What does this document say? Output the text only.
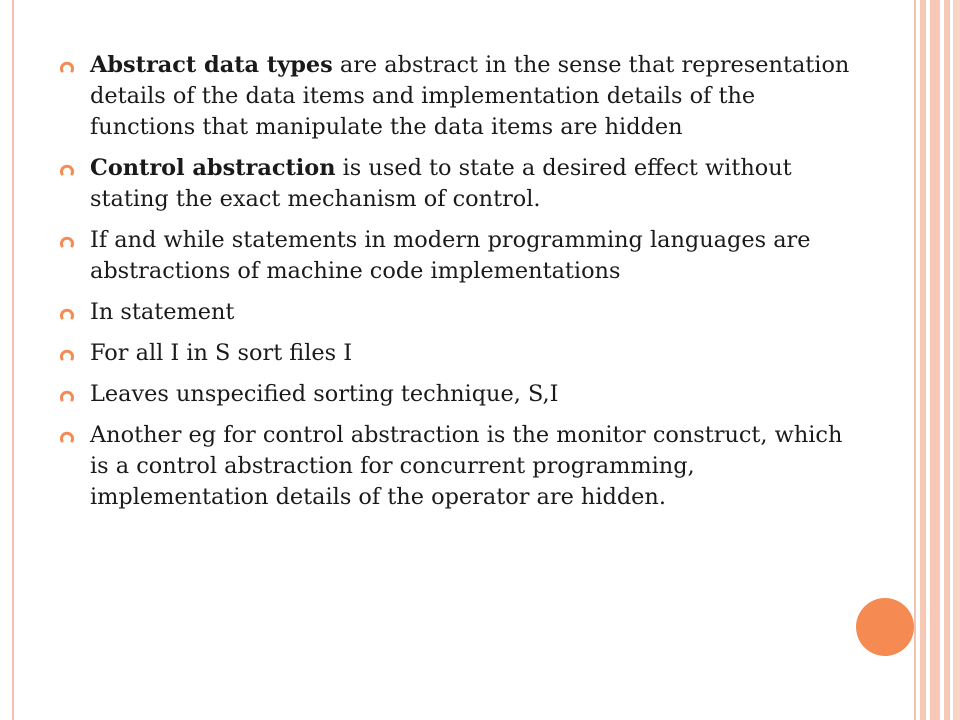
Abstract data types are abstract in the sense that representation details of the data items and implementation details of the functions that manipulate the data items are hidden
Control abstraction is used to state a desired effect without stating the exact mechanism of control.
If and while statements in modern programming languages are abstractions of machine code implementations
In statement
For all I in S sort files I
Leaves unspecified sorting technique, S,I
Another eg for control abstraction is the monitor construct, which is a control abstraction for concurrent programming, implementation details of the operator are hidden.
